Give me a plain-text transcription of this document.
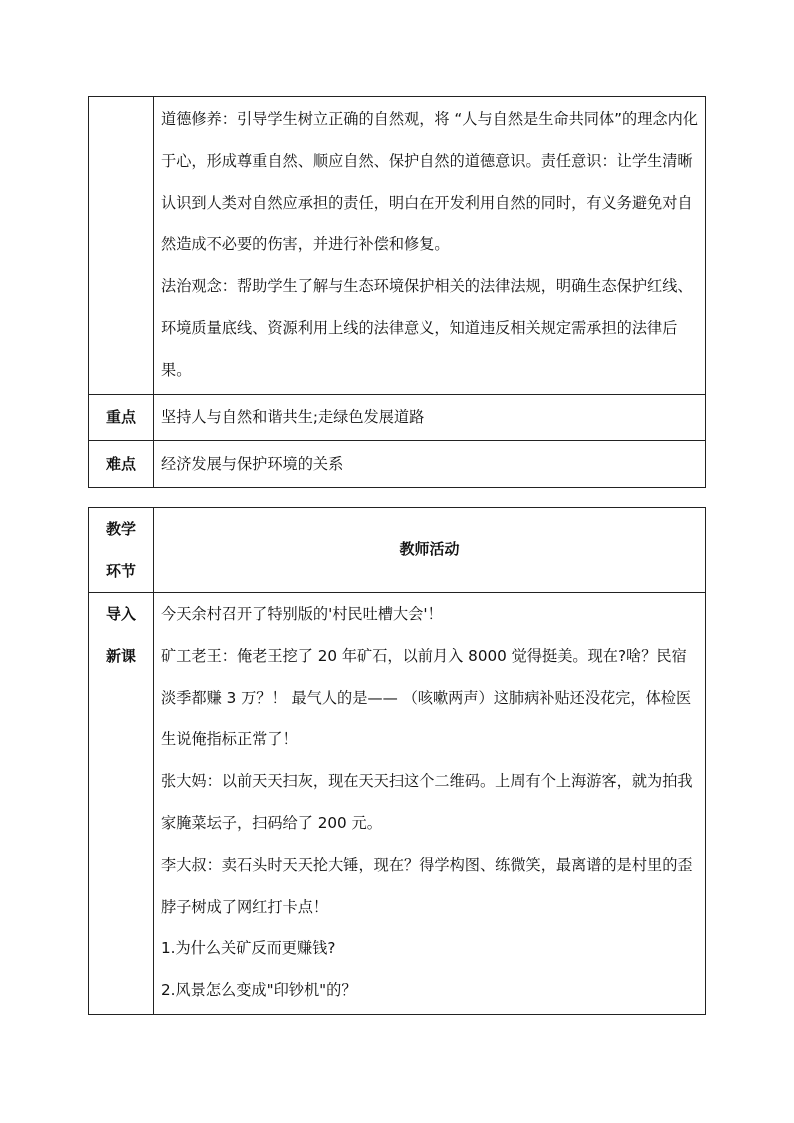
道德修养：引导学生树立正确的自然观，将 “人与自然是生命共同体”的理念内化于心，形成尊重自然、顺应自然、保护自然的道德意识。责任意识：让学生清晰认识到人类对自然应承担的责任，明白在开发利用自然的同时，有义务避免对自然造成不必要的伤害，并进行补偿和修复。
法治观念：帮助学生了解与生态环境保护相关的法律法规，明确生态保护红线、环境质量底线、资源利用上线的法律意义，知道违反相关规定需承担的法律后果。
重点	坚持人与自然和谐共生;走绿色发展道路
难点	经济发展与保护环境的关系
教学
环节
教师活动
导入
新课
今天余村召开了特别版的'村民吐槽大会'！
矿工老王：俺老王挖了 20 年矿石，以前月入 8000 觉得挺美。现在?啥？民宿淡季都赚 3 万？！ 最气人的是—— （咳嗽两声）这肺病补贴还没花完，体检医生说俺指标正常了！
张大妈：以前天天扫灰，现在天天扫这个二维码。上周有个上海游客，就为拍我家腌菜坛子，扫码给了 200 元。
李大叔：卖石头时天天抡大锤，现在？得学构图、练微笑，最离谱的是村里的歪脖子树成了网红打卡点！
1.为什么关矿反而更赚钱?
2.风景怎么变成"印钞机"的？
